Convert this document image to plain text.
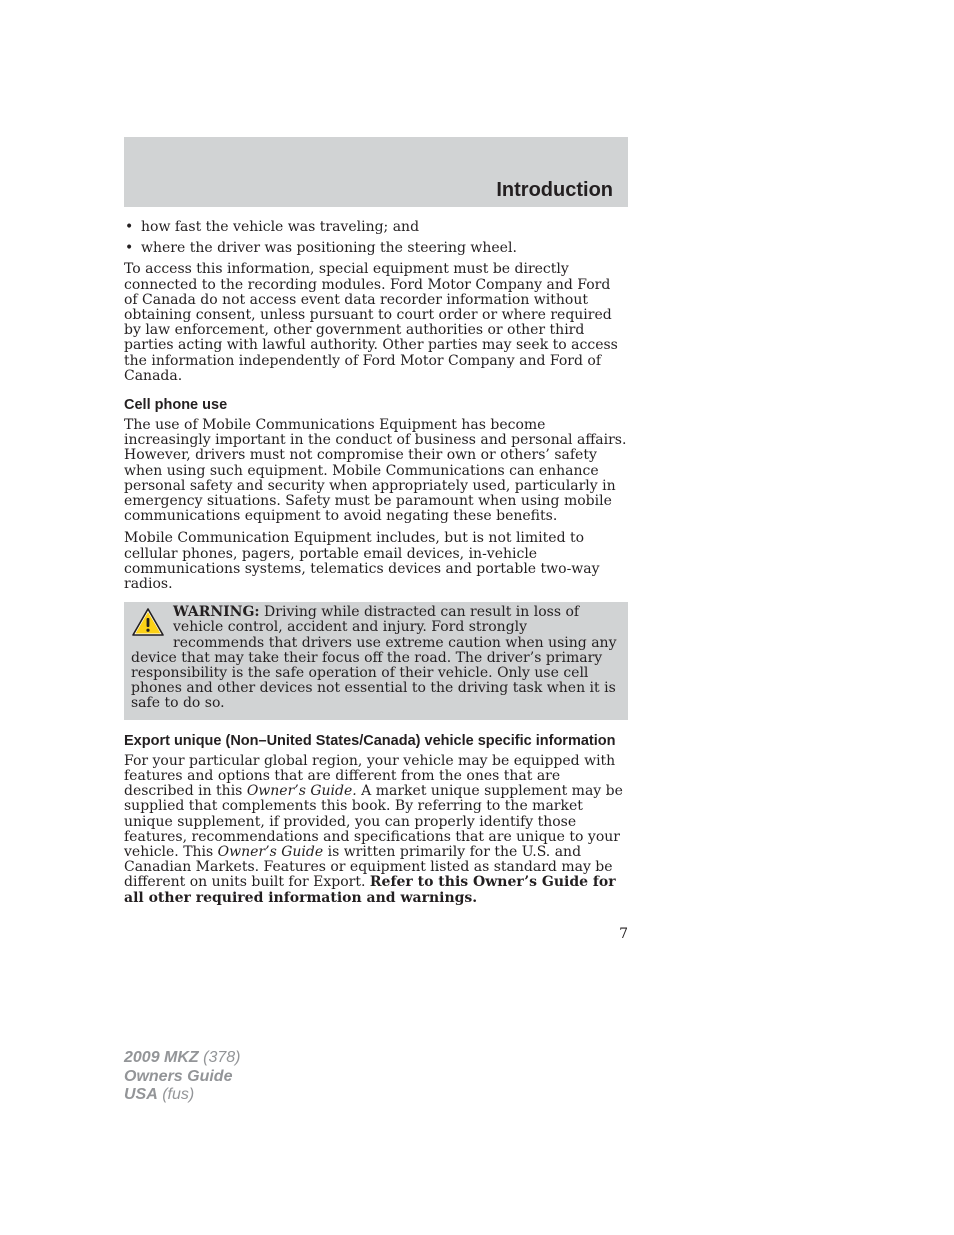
Introduction
• how fast the vehicle was traveling; and
• where the driver was positioning the steering wheel.

To access this information, special equipment must be directly connected to the recording modules. Ford Motor Company and Ford of Canada do not access event data recorder information without obtaining consent, unless pursuant to court order or where required by law enforcement, other government authorities or other third parties acting with lawful authority. Other parties may seek to access the information independently of Ford Motor Company and Ford of Canada.

Cell phone use

The use of Mobile Communications Equipment has become increasingly important in the conduct of business and personal affairs. However, drivers must not compromise their own or others’ safety when using such equipment. Mobile Communications can enhance personal safety and security when appropriately used, particularly in emergency situations. Safety must be paramount when using mobile communications equipment to avoid negating these benefits.

Mobile Communication Equipment includes, but is not limited to cellular phones, pagers, portable email devices, in-vehicle communications systems, telematics devices and portable two-way radios.

WARNING: Driving while distracted can result in loss of vehicle control, accident and injury. Ford strongly recommends that drivers use extreme caution when using any device that may take their focus off the road. The driver’s primary responsibility is the safe operation of their vehicle. Only use cell phones and other devices not essential to the driving task when it is safe to do so.
Export unique (Non–United States/Canada) vehicle specific information

For your particular global region, your vehicle may be equipped with features and options that are different from the ones that are described in this Owner’s Guide. A market unique supplement may be supplied that complements this book. By referring to the market unique supplement, if provided, you can properly identify those features, recommendations and specifications that are unique to your vehicle. This Owner’s Guide is written primarily for the U.S. and Canadian Markets. Features or equipment listed as standard may be different on units built for Export. Refer to this Owner’s Guide for all other required information and warnings.

7
2009 MKZ (378)
Owners Guide
USA (fus)
